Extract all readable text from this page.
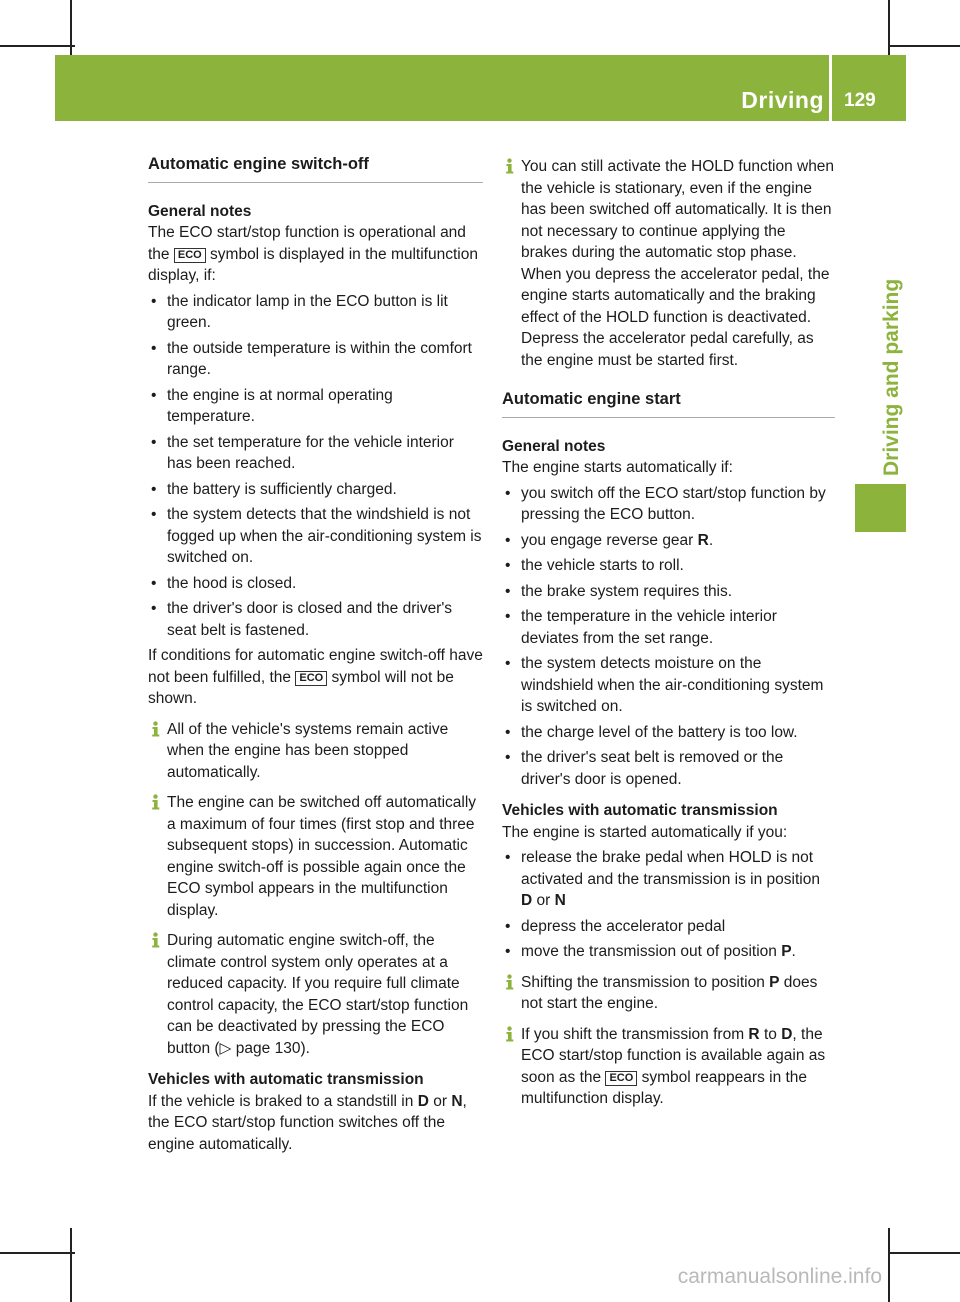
Driving 129
Driving and parking
Automatic engine switch-off
General notes

The ECO start/stop function is operational and the ECO symbol is displayed in the multifunction display, if:

• the indicator lamp in the ECO button is lit green.
• the outside temperature is within the comfort range.
• the engine is at normal operating temperature.
• the set temperature for the vehicle interior has been reached.
• the battery is sufficiently charged.
• the system detects that the windshield is not fogged up when the air-conditioning system is switched on.
• the hood is closed.
• the driver's door is closed and the driver's seat belt is fastened.

If conditions for automatic engine switch-off have not been fulfilled, the ECO symbol will not be shown.

All of the vehicle's systems remain active when the engine has been stopped automatically.
The engine can be switched off automatically a maximum of four times (first stop and three subsequent stops) in succession. Automatic engine switch-off is possible again once the ECO symbol appears in the multifunction display.
During automatic engine switch-off, the climate control system only operates at a reduced capacity. If you require full climate control capacity, the ECO start/stop function can be deactivated by pressing the ECO button (▷ page 130).
Vehicles with automatic transmission

If the vehicle is braked to a standstill in D or N, the ECO start/stop function switches off the engine automatically.

You can still activate the HOLD function when the vehicle is stationary, even if the engine has been switched off automatically. It is then not necessary to continue applying the brakes during the automatic stop phase. When you depress the accelerator pedal, the engine starts automatically and the braking effect of the HOLD function is deactivated. Depress the accelerator pedal carefully, as the engine must be started first.
Automatic engine start
General notes

The engine starts automatically if:

• you switch off the ECO start/stop function by pressing the ECO button.
• you engage reverse gear R.
• the vehicle starts to roll.
• the brake system requires this.
• the temperature in the vehicle interior deviates from the set range.
• the system detects moisture on the windshield when the air-conditioning system is switched on.
• the charge level of the battery is too low.
• the driver's seat belt is removed or the driver's door is opened.
Vehicles with automatic transmission

The engine is started automatically if you:

• release the brake pedal when HOLD is not activated and the transmission is in position D or N
• depress the accelerator pedal
• move the transmission out of position P.
Shifting the transmission to position P does not start the engine.
If you shift the transmission from R to D, the ECO start/stop function is available again as soon as the ECO symbol reappears in the multifunction display.
carmanualsonline.info
